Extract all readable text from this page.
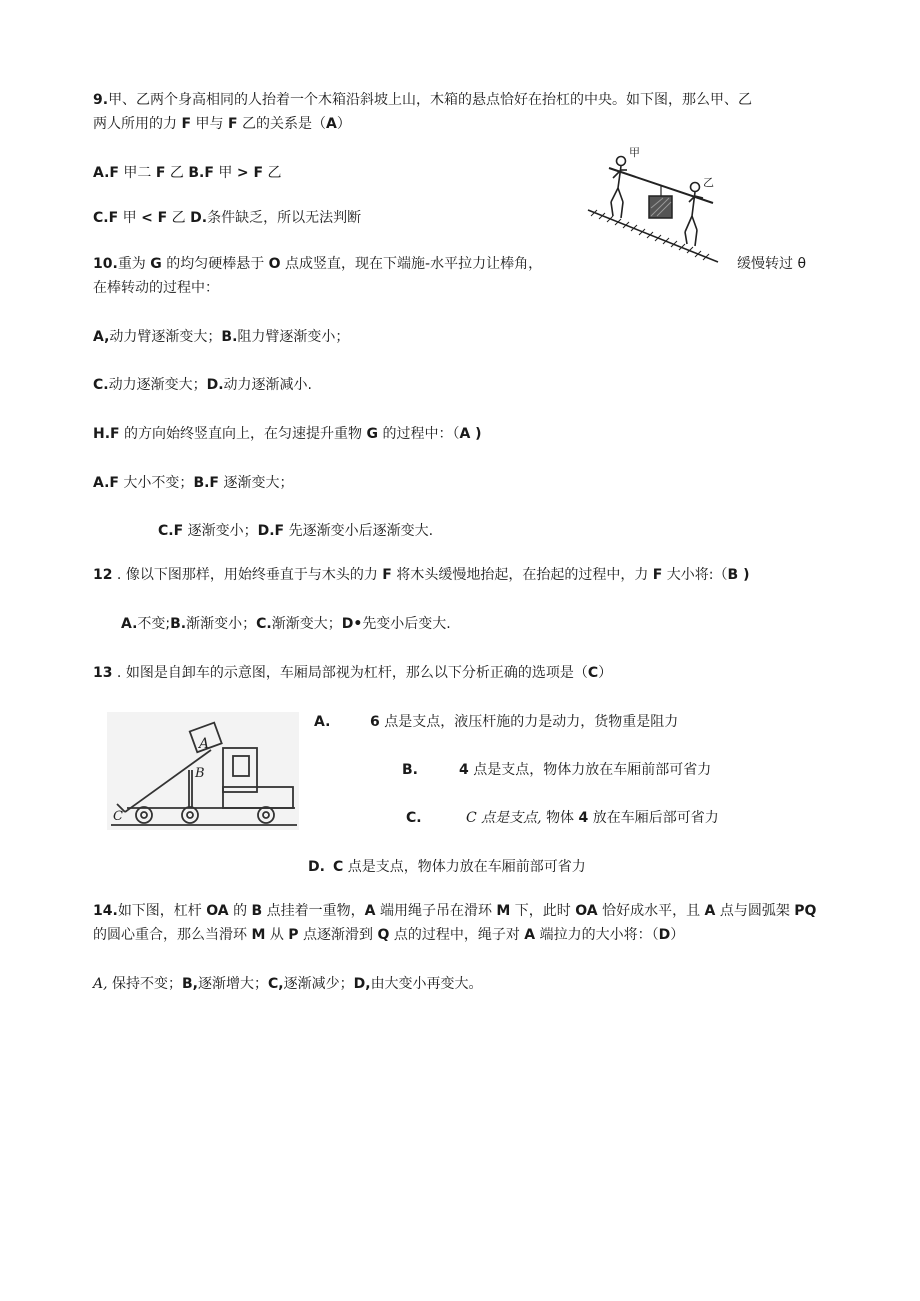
9.甲、乙两个身高相同的人抬着一个木箱沿斜坡上山，木箱的悬点恰好在抬杠的中央。如下图，那么甲、乙
两人所用的力 F 甲与 F 乙的关系是（A）
A.F 甲二 F 乙 B.F 甲 > F 乙
C.F 甲 < F 乙 D.条件缺乏，所以无法判断
甲
乙
10.重为 G 的均匀硬棒悬于 O 点成竖直，现在下端施-水平拉力让棒角，	缓慢转过 θ
在棒转动的过程中：
A,动力臂逐渐变大；B.阻力臂逐渐变小；
C.动力逐渐变大；D.动力逐渐减小.
H.F 的方向始终竖直向上，在匀速提升重物 G 的过程中：（A )
A.F 大小不变；B.F 逐渐变大；
C.F 逐渐变小；D.F 先逐渐变小后逐渐变大.
12 . 像以下图那样，用始终垂直于与木头的力 F 将木头缓慢地抬起，在抬起的过程中，力 F 大小将:（B )
A.不变;B.渐渐变小；C.渐渐变大；D•先变小后变大.
13 . 如图是自卸车的示意图，车厢局部视为杠杆，那么以下分析正确的选项是（C）
A
B
C
A.	6 点是支点，液压杆施的力是动力，货物重是阻力
B.	4 点是支点，物体力放在车厢前部可省力
C.	C 点是支点, 物体 4 放在车厢后部可省力
D. C 点是支点，物体力放在车厢前部可省力
14.如下图，杠杆 OA 的 B 点挂着一重物，A 端用绳子吊在滑环 M 下，此时 OA 恰好成水平，且 A 点与圆弧架 PQ
的圆心重合，那么当滑环 M 从 P 点逐渐滑到 Q 点的过程中，绳子对 A 端拉力的大小将：（D）
A, 保持不变；B,逐渐增大；C,逐渐减少；D,由大变小再变大。
